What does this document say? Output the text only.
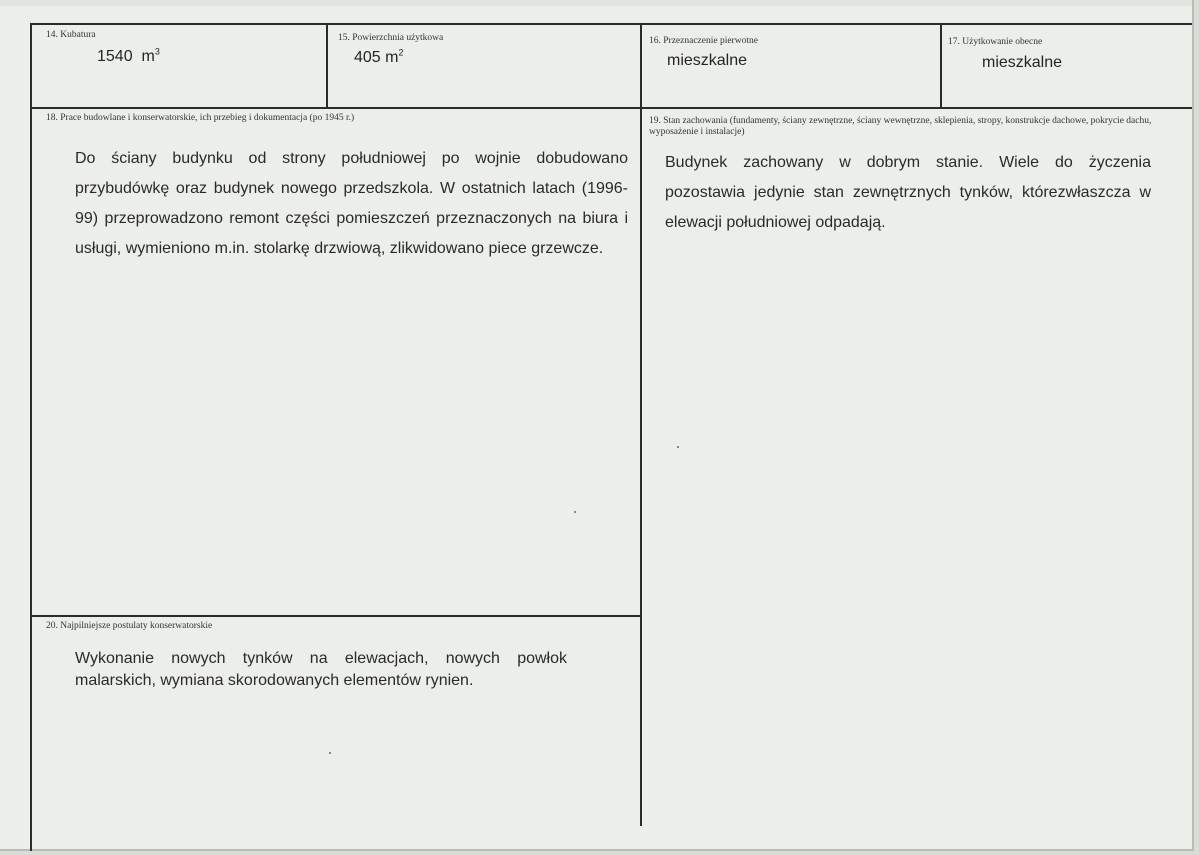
14. Kubatura
1540 $m^3$
15. Powierzchnia użytkowa
405 $m^2$
16. Przeznaczenie pierwotne
mieszkalne
17. Użytkowanie obecne
mieszkalne
18. Prace budowlane i konserwatorskie, ich przebieg i dokumentacja (po 1945 r.)
Do ściany budynku od strony południowej po wojnie dobudowano przybudówkę oraz budynek nowego przedszkola. W ostatnich latach (1996-99) przeprowadzono remont części pomieszczeń przeznaczonych na biura i usługi, wymieniono m.in. stolarkę drzwiową, zlikwidowano piece grzewcze.
19. Stan zachowania (fundamenty, ściany zewnętrzne, ściany wewnętrzne, sklepienia, stropy, konstrukcje dachowe, pokrycie dachu, wyposażenie i instalacje)
Budynek zachowany w dobrym stanie. Wiele do życzenia pozostawia jedynie stan zewnętrznych tynków, którezwłaszcza w elewacji południowej odpadają.
20. Najpilniejsze postulaty konserwatorskie
Wykonanie nowych tynków na elewacjach, nowych powłok malarskich, wymiana skorodowanych elementów rynien.
